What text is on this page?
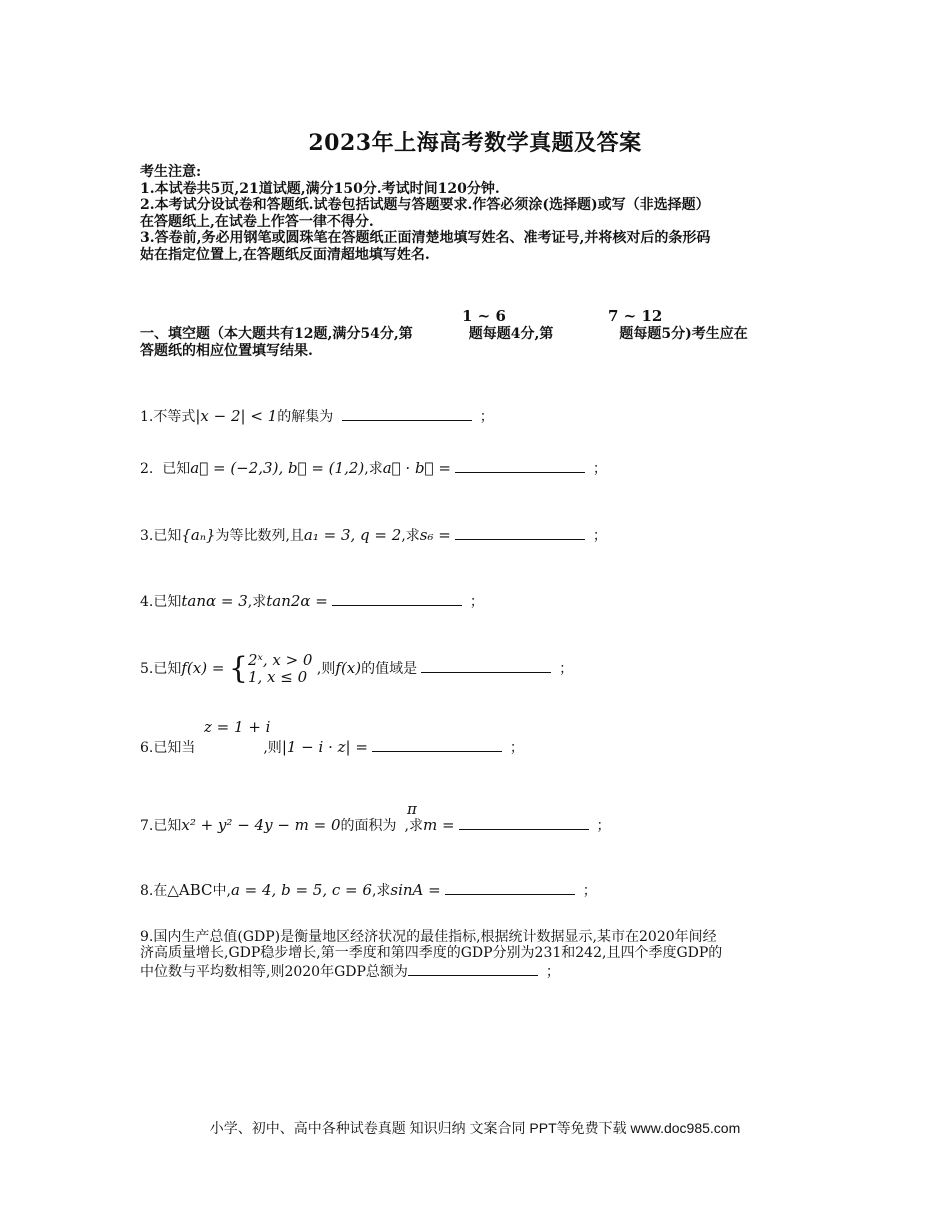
2023年上海高考数学真题及答案
考生注意:
1.本试卷共5页,21道试题,满分150分.考试时间120分钟.
2.本考试分设试卷和答题纸.试卷包括试题与答题要求.作答必须涂(选择题)或写（非选择题）
在答题纸上,在试卷上作答一律不得分.
3.答卷前,务必用钢笔或圆珠笔在答题纸正面清楚地填写姓名、准考证号,并将核对后的条形码
姑在指定位置上,在答题纸反面清超地填写姓名.
1 ~ 6	7 ~ 12
一、填空题（本大题共有12题,满分54分,第	题每题4分,第	题每题5分)考生应在
答题纸的相应位置填写结果.
1.不等式|x − 2| < 1的解集为	；
2. 已知a⃗ = (−2,3), b⃗ = (1,2),求a⃗ · b⃗ =	；
3.已知{aₙ}为等比数列,且a₁ = 3, q = 2,求s₆ =	；
4.已知tanα = 3,求tan2α =	；
5.已知f(x) = {2ˣ, x > 0
1, x ≤ 0 ,则f(x)的值域是	；
z = 1 + i
6.已知当	,则|1 − i · z| =	；
π
7.已知x² + y² − 4y − m = 0的面积为 ,求m =	；
8.在△ABC中,a = 4, b = 5, c = 6,求sinA =	；
9.国内生产总值(GDP)是衡量地区经济状况的最佳指标,根据统计数据显示,某市在2020年间经
济高质量增长,GDP稳步增长,第一季度和第四季度的GDP分别为231和242,且四个季度GDP的
中位数与平均数相等,则2020年GDP总额为	；
小学、初中、高中各种试卷真题 知识归纳 文案合同 PPT等免费下载 www.doc985.com
